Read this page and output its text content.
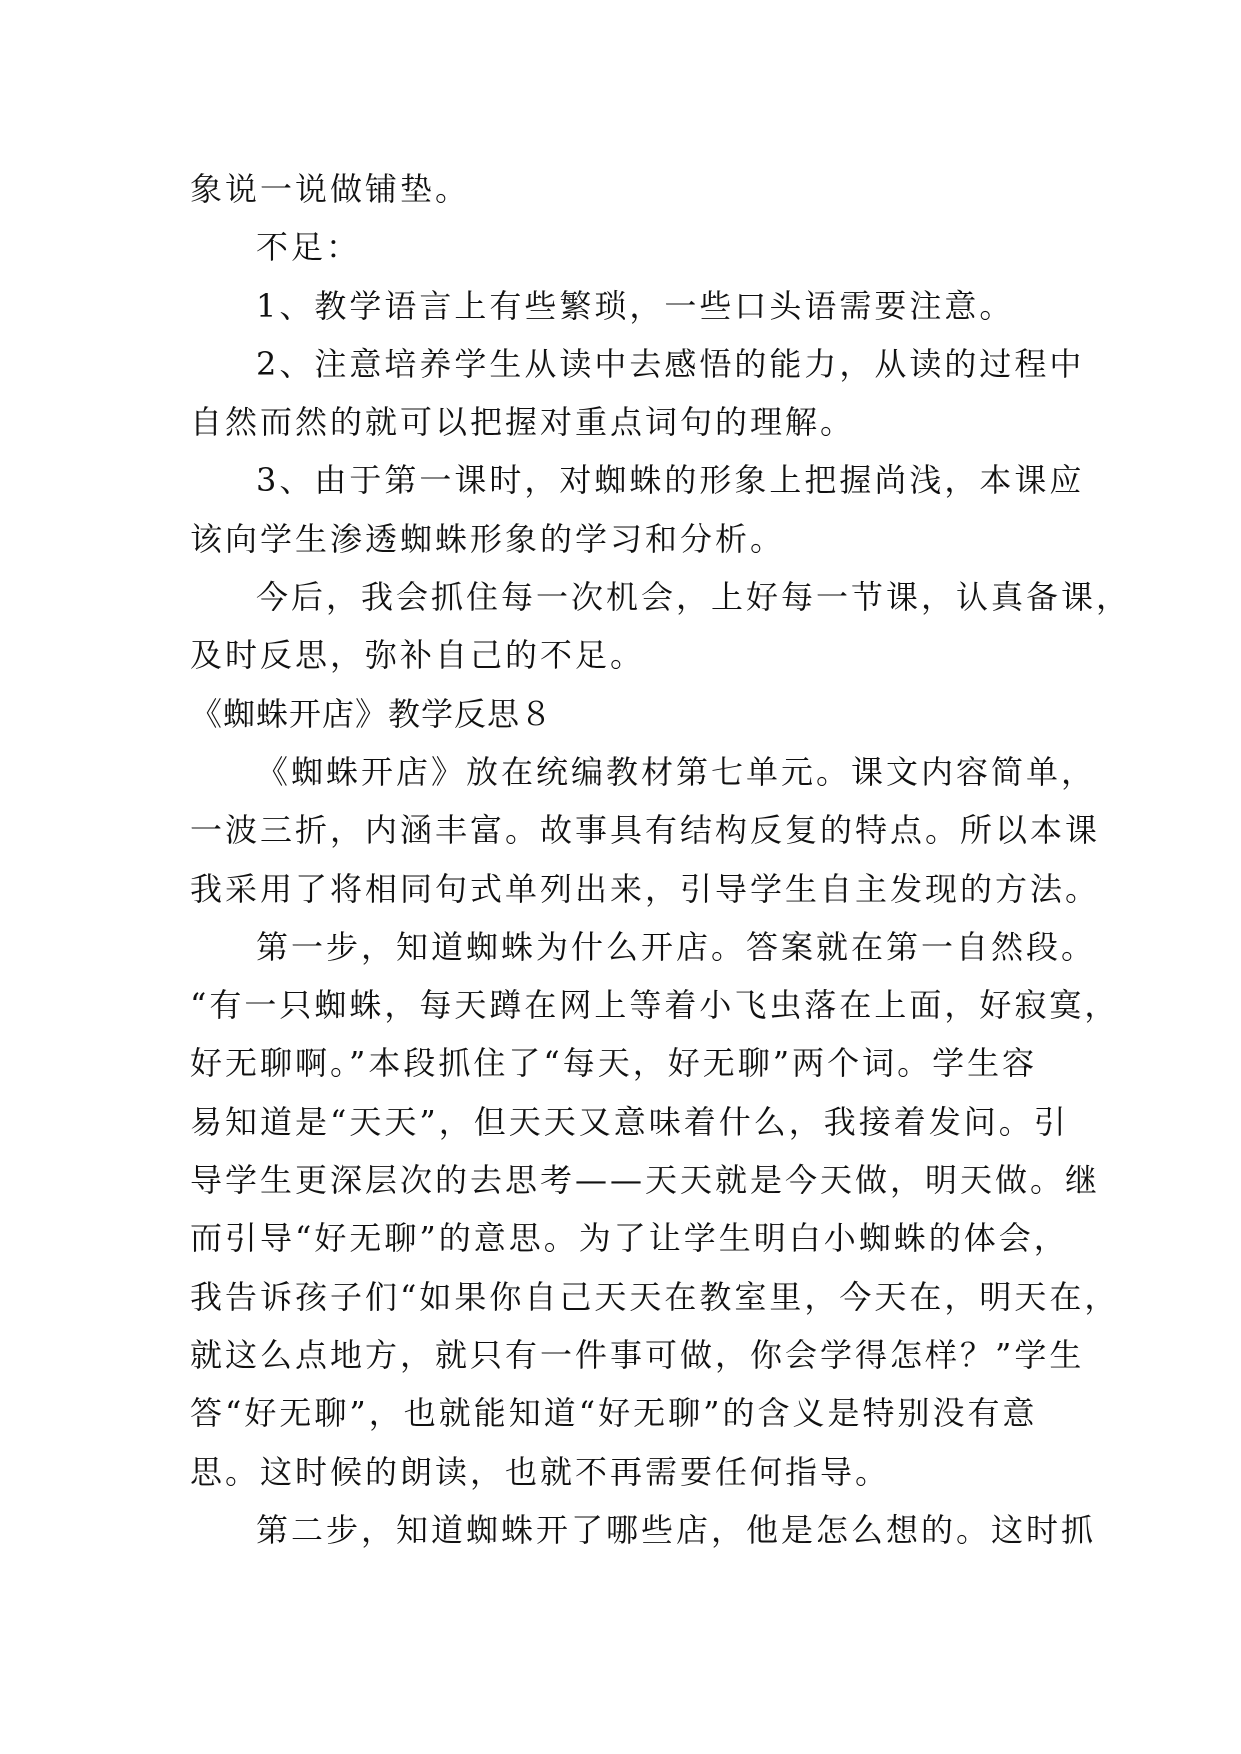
象说一说做铺垫。
不足：
1、教学语言上有些繁琐，一些口头语需要注意。
2、注意培养学生从读中去感悟的能力，从读的过程中
自然而然的就可以把握对重点词句的理解。
3、由于第一课时，对蜘蛛的形象上把握尚浅，本课应
该向学生渗透蜘蛛形象的学习和分析。
今后，我会抓住每一次机会，上好每一节课，认真备课，
及时反思，弥补自己的不足。
《蜘蛛开店》教学反思８
《蜘蛛开店》放在统编教材第七单元。课文内容简单，
一波三折，内涵丰富。故事具有结构反复的特点。所以本课
我采用了将相同句式单列出来，引导学生自主发现的方法。
第一步，知道蜘蛛为什么开店。答案就在第一自然段。
“有一只蜘蛛，每天蹲在网上等着小飞虫落在上面，好寂寞，
好无聊啊。”本段抓住了“每天，好无聊”两个词。学生容
易知道是“天天”，但天天又意味着什么，我接着发问。引
导学生更深层次的去思考——天天就是今天做，明天做。继
而引导“好无聊”的意思。为了让学生明白小蜘蛛的体会，
我告诉孩子们“如果你自己天天在教室里，今天在，明天在，
就这么点地方，就只有一件事可做，你会学得怎样？”学生
答“好无聊”，也就能知道“好无聊”的含义是特别没有意
思。这时候的朗读，也就不再需要任何指导。
第二步，知道蜘蛛开了哪些店，他是怎么想的。这时抓
